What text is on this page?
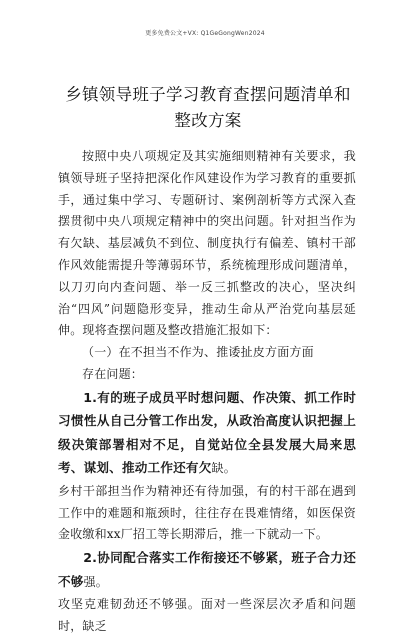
更多免费公文+VX: Q1GeGongWen2024
乡镇领导班子学习教育查摆问题清单和整改方案

按照中央八项规定及其实施细则精神有关要求，我镇领导班子坚持把深化作风建设作为学习教育的重要抓手，通过集中学习、专题研讨、案例剖析等方式深入查摆贯彻中央八项规定精神中的突出问题。针对担当作为有欠缺、基层减负不到位、制度执行有偏差、镇村干部作风效能需提升等薄弱环节，系统梳理形成问题清单，以刀刃向内查问题、举一反三抓整改的决心，坚决纠治“四风”问题隐形变异，推动生命从严治党向基层延伸。现将查摆问题及整改措施汇报如下：

（一）在不担当不作为、推诿扯皮方面方面

存在问题：

1.有的班子成员平时想问题、作决策、抓工作时习惯性从自己分管工作出发，从政治高度认识把握上级决策部署相对不足，自觉站位全县发展大局来思考、谋划、推动工作还有欠缺。

乡村干部担当作为精神还有待加强，有的村干部在遇到工作中的难题和瓶颈时，往往存在畏难情绪，如医保资金收缴和xx厂招工等长期滞后，推一下就动一下。

2.协同配合落实工作衔接还不够紧，班子合力还不够强。

攻坚克难韧劲还不够强。面对一些深层次矛盾和问题时，缺乏
